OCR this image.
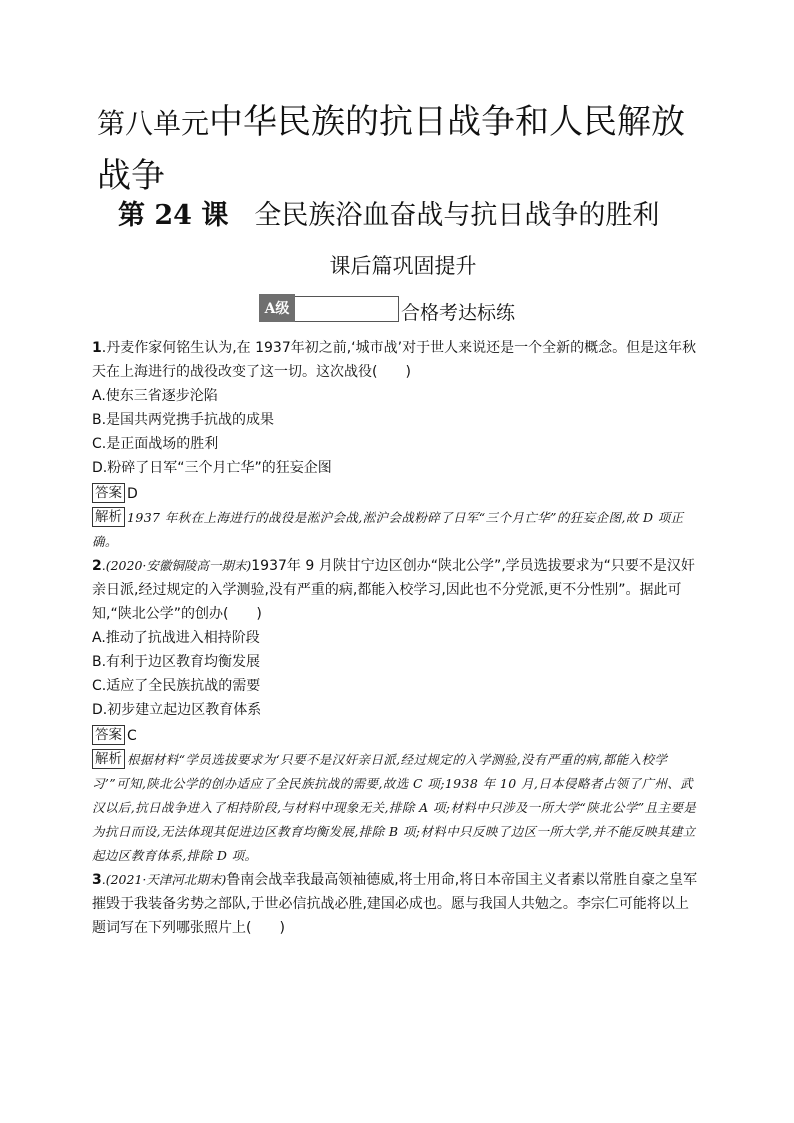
第八单元中华民族的抗日战争和人民解放战争
第 24 课 全民族浴血奋战与抗日战争的胜利
课后篇巩固提升
A级	合格考达标练

1.丹麦作家何铭生认为,在 1937年初之前,‘城市战’对于世人来说还是一个全新的概念。但是这年秋天在上海进行的战役改变了这一切。这次战役(　　)

A.使东三省逐步沦陷

B.是国共两党携手抗战的成果

C.是正面战场的胜利

D.粉碎了日军“三个月亡华”的狂妄企图

答案 D

解析 1937 年秋在上海进行的战役是淞沪会战,淞沪会战粉碎了日军“三个月亡华”的狂妄企图,故 D 项正确。

2.(2020·安徽铜陵高一期末)1937年 9 月陕甘宁边区创办“陕北公学”,学员选拔要求为“只要不是汉奸亲日派,经过规定的入学测验,没有严重的病,都能入校学习,因此也不分党派,更不分性别”。据此可知,“陕北公学”的创办(　　)

A.推动了抗战进入相持阶段

B.有利于边区教育均衡发展

C.适应了全民族抗战的需要

D.初步建立起边区教育体系

答案 C

解析 根据材料“学员选拔要求为‘只要不是汉奸亲日派,经过规定的入学测验,没有严重的病,都能入校学习’”可知,陕北公学的创办适应了全民族抗战的需要,故选 C 项;1938 年 10 月,日本侵略者占领了广州、武汉以后,抗日战争进入了相持阶段,与材料中现象无关,排除 A 项;材料中只涉及一所大学“陕北公学”且主要是为抗日而设,无法体现其促进边区教育均衡发展,排除 B 项;材料中只反映了边区一所大学,并不能反映其建立起边区教育体系,排除 D 项。

3.(2021·天津河北期末)鲁南会战幸我最高领袖德威,将士用命,将日本帝国主义者素以常胜自豪之皇军摧毁于我装备劣势之部队,于世必信抗战必胜,建国必成也。愿与我国人共勉之。李宗仁可能将以上题词写在下列哪张照片上(　　)
